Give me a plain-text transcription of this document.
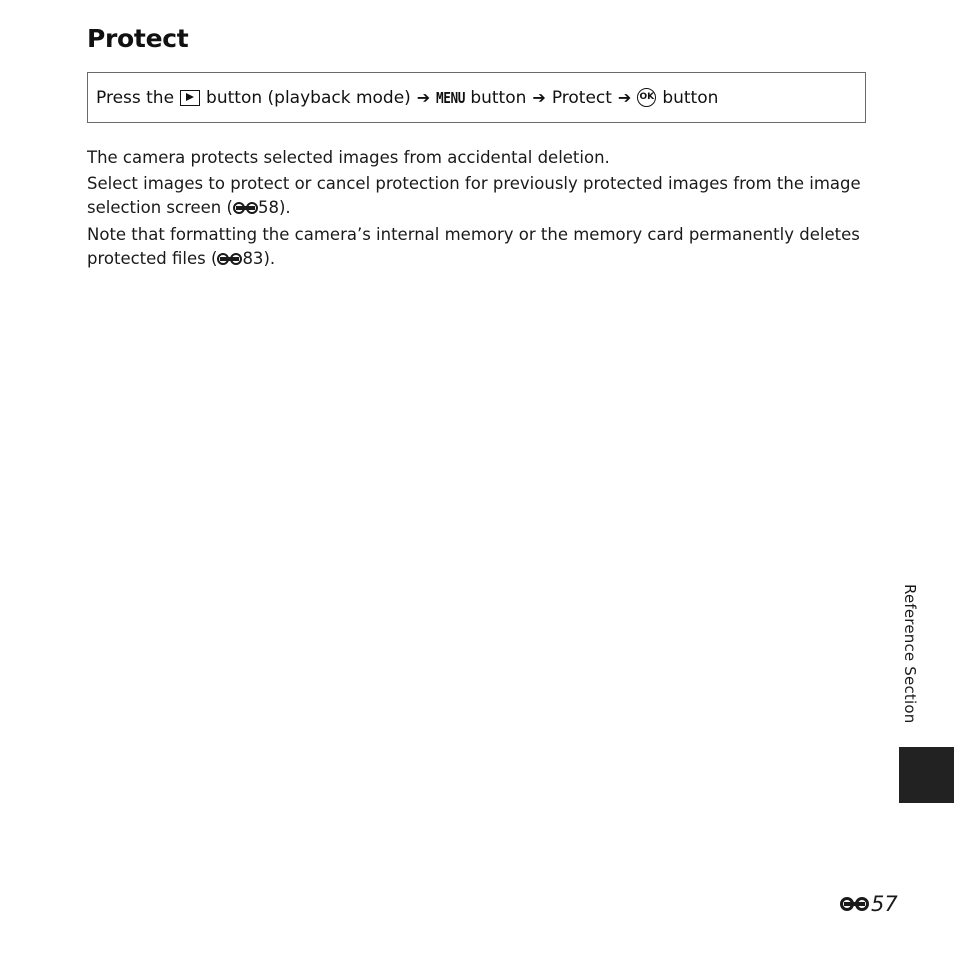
Protect
Press the button (playback mode) ➔ MENU button ➔ Protect ➔ OK button

The camera protects selected images from accidental deletion.

Select images to protect or cancel protection for previously protected images from the image selection screen ( 58).

Note that formatting the camera’s internal memory or the memory card permanently deletes protected files ( 83).

Reference Section
57
